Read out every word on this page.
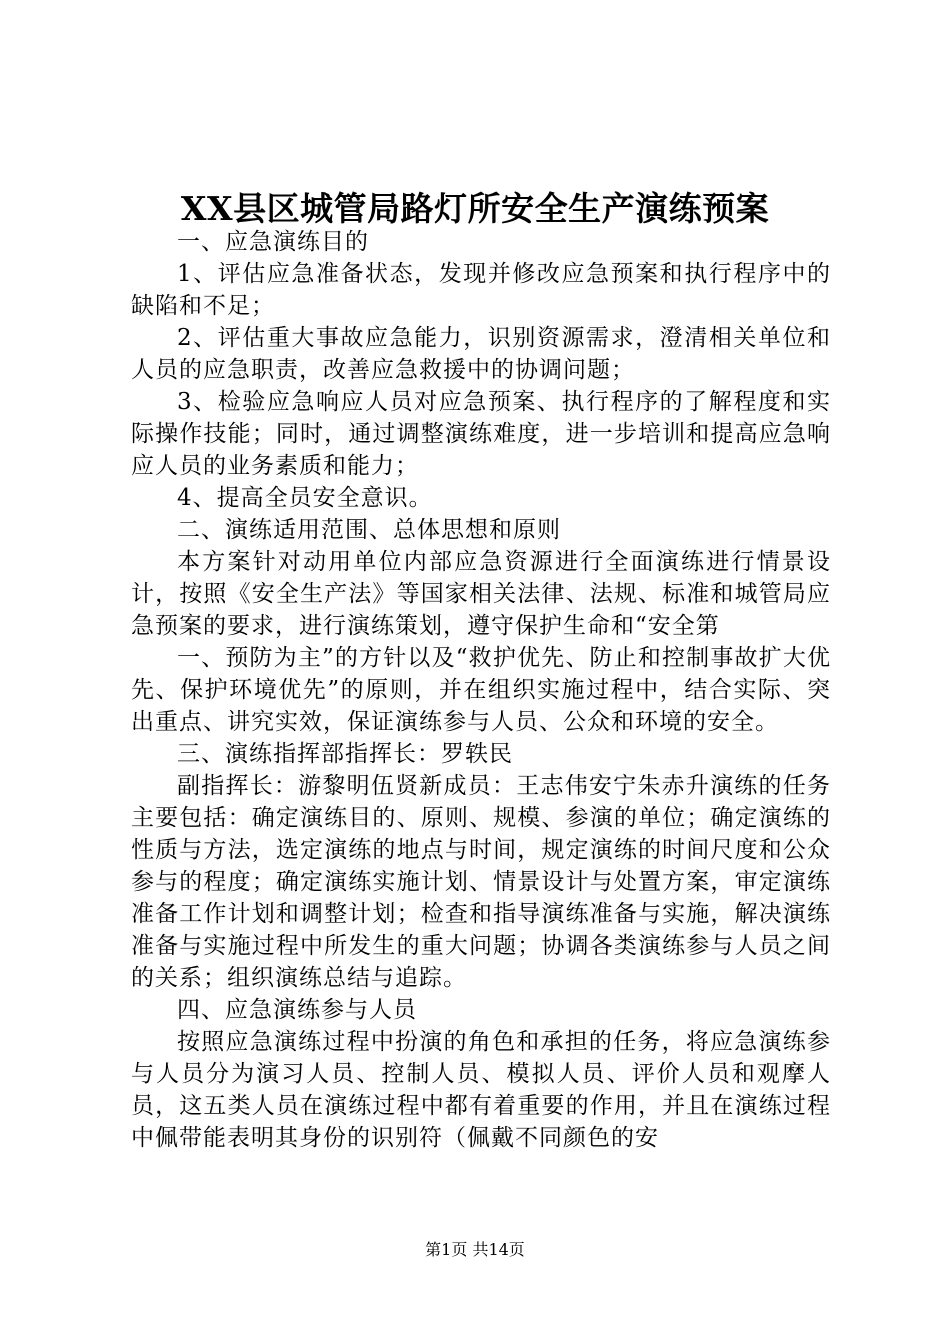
XX县区城管局路灯所安全生产演练预案

一、应急演练目的

1、评估应急准备状态，发现并修改应急预案和执行程序中的缺陷和不足；

2、评估重大事故应急能力，识别资源需求，澄清相关单位和人员的应急职责，改善应急救援中的协调问题；

3、检验应急响应人员对应急预案、执行程序的了解程度和实际操作技能；同时，通过调整演练难度，进一步培训和提高应急响应人员的业务素质和能力；

4、提高全员安全意识。

二、演练适用范围、总体思想和原则

本方案针对动用单位内部应急资源进行全面演练进行情景设计，按照《安全生产法》等国家相关法律、法规、标准和城管局应急预案的要求，进行演练策划，遵守保护生命和“安全第

一、预防为主”的方针以及“救护优先、防止和控制事故扩大优先、保护环境优先”的原则，并在组织实施过程中，结合实际、突出重点、讲究实效，保证演练参与人员、公众和环境的安全。

三、演练指挥部指挥长：罗轶民

副指挥长：游黎明伍贤新成员：王志伟安宁朱赤升演练的任务主要包括：确定演练目的、原则、规模、参演的单位；确定演练的性质与方法，选定演练的地点与时间，规定演练的时间尺度和公众参与的程度；确定演练实施计划、情景设计与处置方案，审定演练准备工作计划和调整计划；检查和指导演练准备与实施，解决演练准备与实施过程中所发生的重大问题；协调各类演练参与人员之间的关系；组织演练总结与追踪。

四、应急演练参与人员

按照应急演练过程中扮演的角色和承担的任务，将应急演练参与人员分为演习人员、控制人员、模拟人员、评价人员和观摩人员，这五类人员在演练过程中都有着重要的作用，并且在演练过程中佩带能表明其身份的识别符（佩戴不同颜色的安

第1页 共14页
